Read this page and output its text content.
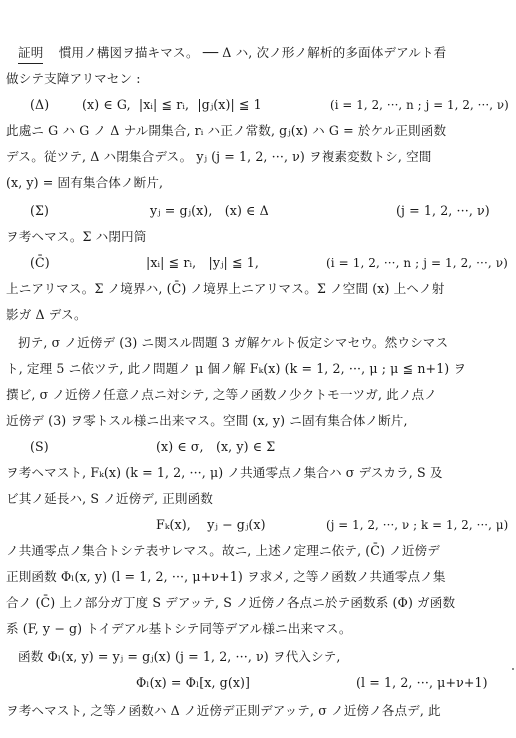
証明 　慣用ノ構図ヲ描キマス。 ── Δ ハ, 次ノ形ノ解析的多面体デアルト看
做シテ支障アリマセン :
(Δ)	(x) ∈ G,  |xᵢ| ≦ rᵢ,  |gⱼ(x)| ≦ 1	(i = 1, 2, ···, n ; j = 1, 2, ···, ν)
此處ニ G ハ G ノ Δ ナル開集合, rᵢ ハ正ノ常数, gⱼ(x) ハ G = 於ケル正則函数
デス。従ツテ, Δ ハ閉集合デス。 yⱼ (j = 1, 2, ···, ν) ヲ複素変数トシ, 空間
(x, y) = 固有集合体ノ断片,
(Σ)	yⱼ = gⱼ(x),   (x) ∈ Δ	(j = 1, 2, ···, ν)
ヲ考ヘマス。Σ ハ閉円筒
(C̄)	|xᵢ| ≦ rᵢ,   |yⱼ| ≦ 1,	(i = 1, 2, ···, n ; j = 1, 2, ···, ν)
上ニアリマス。Σ ノ境界ハ, (C̄) ノ境界上ニアリマス。Σ ノ空間 (x) 上ヘノ射
影ガ Δ デス。
扨テ, σ ノ近傍デ (3) ニ関スル問題 3 ガ解ケルト仮定シマセウ。然ウシマス
ト, 定理 5 ニ依ツテ, 此ノ問題ノ μ 個ノ解 Fₖ(x) (k = 1, 2, ···, μ ; μ ≦ n+1) ヲ
撰ビ, σ ノ近傍ノ任意ノ点ニ対シテ, 之等ノ函数ノ少クトモ一ツガ, 此ノ点ノ
近傍デ (3) ヲ零トスル様ニ出来マス。空間 (x, y) ニ固有集合体ノ断片,
(S)	(x) ∈ σ,   (x, y) ∈ Σ
ヲ考ヘマスト, Fₖ(x) (k = 1, 2, ···, μ) ノ共通零点ノ集合ハ σ デスカラ, S 及
ビ其ノ延長ハ, S ノ近傍デ, 正則函数
Fₖ(x),    yⱼ − gⱼ(x)	(j = 1, 2, ···, ν ; k = 1, 2, ···, μ)
ノ共通零点ノ集合トシテ表サレマス。故ニ, 上述ノ定理ニ依テ, (C̄) ノ近傍デ
正則函数 Φₗ(x, y) (l = 1, 2, ···, μ+ν+1) ヲ求メ, 之等ノ函数ノ共通零点ノ集
合ノ (C̄) 上ノ部分ガ丁度 S デアッテ, S ノ近傍ノ各点ニ於テ函数系 (Φ) ガ函数
系 (F, y − g) トイデアル基トシテ同等デアル様ニ出来マス。
函数 Φₗ(x, y) = yⱼ = gⱼ(x) (j = 1, 2, ···, ν) ヲ代入シテ,
Φₗ(x) = Φₗ[x, g(x)]	(l = 1, 2, ···, μ+ν+1)
ヲ考ヘマスト, 之等ノ函数ハ Δ ノ近傍デ正則デアッテ, σ ノ近傍ノ各点デ, 此
